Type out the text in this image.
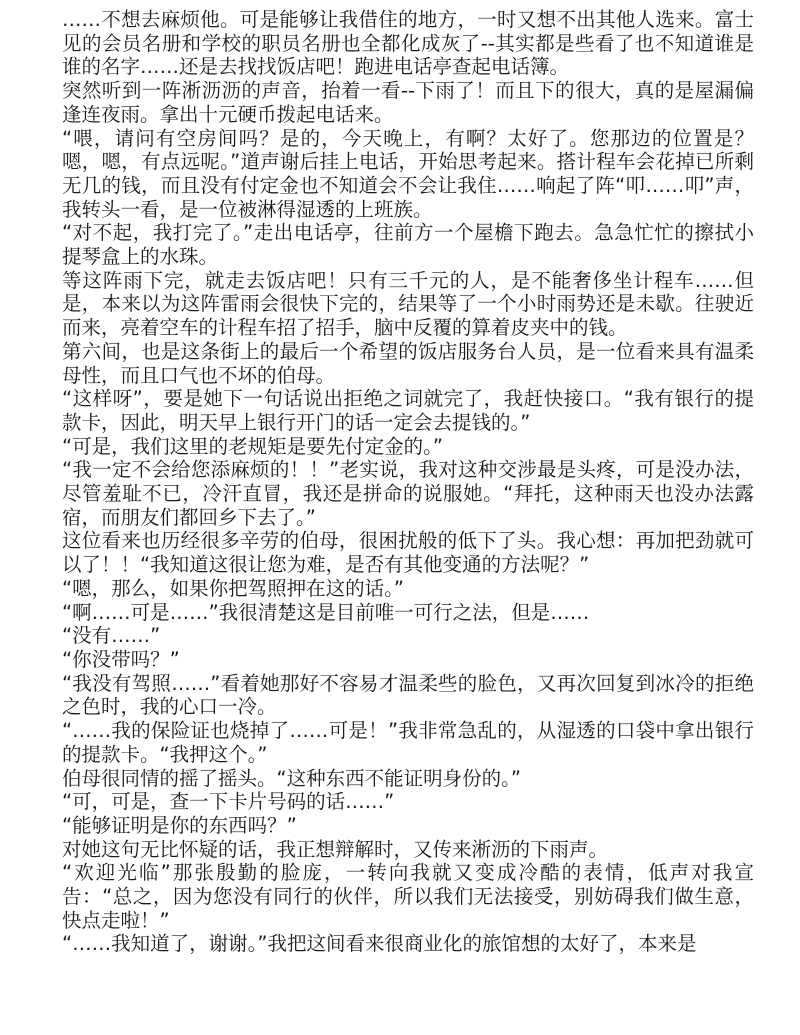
……不想去麻烦他。可是能够让我借住的地方，一时又想不出其他人选来。富士见的会员名册和学校的职员名册也全都化成灰了--其实都是些看了也不知道谁是谁的名字……还是去找找饭店吧！跑进电话亭查起电话簿。

突然听到一阵淅沥沥的声音，抬着一看--下雨了！而且下的很大，真的是屋漏偏逢连夜雨。拿出十元硬币拨起电话来。

“喂，请问有空房间吗？是的，今天晚上，有啊？太好了。您那边的位置是？嗯，嗯，有点远呢。”道声谢后挂上电话，开始思考起来。搭计程车会花掉已所剩无几的钱，而且没有付定金也不知道会不会让我住……响起了阵“叩……叩”声，我转头一看，是一位被淋得湿透的上班族。

“对不起，我打完了。”走出电话亭，往前方一个屋檐下跑去。急急忙忙的擦拭小提琴盒上的水珠。

等这阵雨下完，就走去饭店吧！只有三千元的人，是不能奢侈坐计程车……但是，本来以为这阵雷雨会很快下完的，结果等了一个小时雨势还是未歇。往驶近而来，亮着空车的计程车招了招手，脑中反覆的算着皮夹中的钱。

第六间，也是这条街上的最后一个希望的饭店服务台人员，是一位看来具有温柔母性，而且口气也不坏的伯母。

“这样呀”，要是她下一句话说出拒绝之词就完了，我赶快接口。“我有银行的提款卡，因此，明天早上银行开门的话一定会去提钱的。”

“可是，我们这里的老规矩是要先付定金的。”

“我一定不会给您添麻烦的！！”老实说，我对这种交涉最是头疼，可是没办法，尽管羞耻不已，冷汗直冒，我还是拼命的说服她。“拜托，这种雨天也没办法露宿，而朋友们都回乡下去了。”

这位看来也历经很多辛劳的伯母，很困扰般的低下了头。我心想：再加把劲就可以了！！“我知道这很让您为难，是否有其他变通的方法呢？”

“嗯，那么，如果你把驾照押在这的话。”

“啊……可是……”我很清楚这是目前唯一可行之法，但是……

“没有……”

“你没带吗？”

“我没有驾照……”看着她那好不容易才温柔些的脸色，又再次回复到冰冷的拒绝之色时，我的心口一冷。

“……我的保险证也烧掉了……可是！”我非常急乱的，从湿透的口袋中拿出银行的提款卡。“我押这个。”

伯母很同情的摇了摇头。“这种东西不能证明身份的。”

“可，可是，查一下卡片号码的话……”

“能够证明是你的东西吗？”

对她这句无比怀疑的话，我正想辩解时，又传来淅沥的下雨声。

“欢迎光临”那张殷勤的脸庞，一转向我就又变成冷酷的表情，低声对我宣告：“总之，因为您没有同行的伙伴，所以我们无法接受，别妨碍我们做生意，快点走啦！”

“……我知道了，谢谢。”我把这间看来很商业化的旅馆想的太好了，本来是
